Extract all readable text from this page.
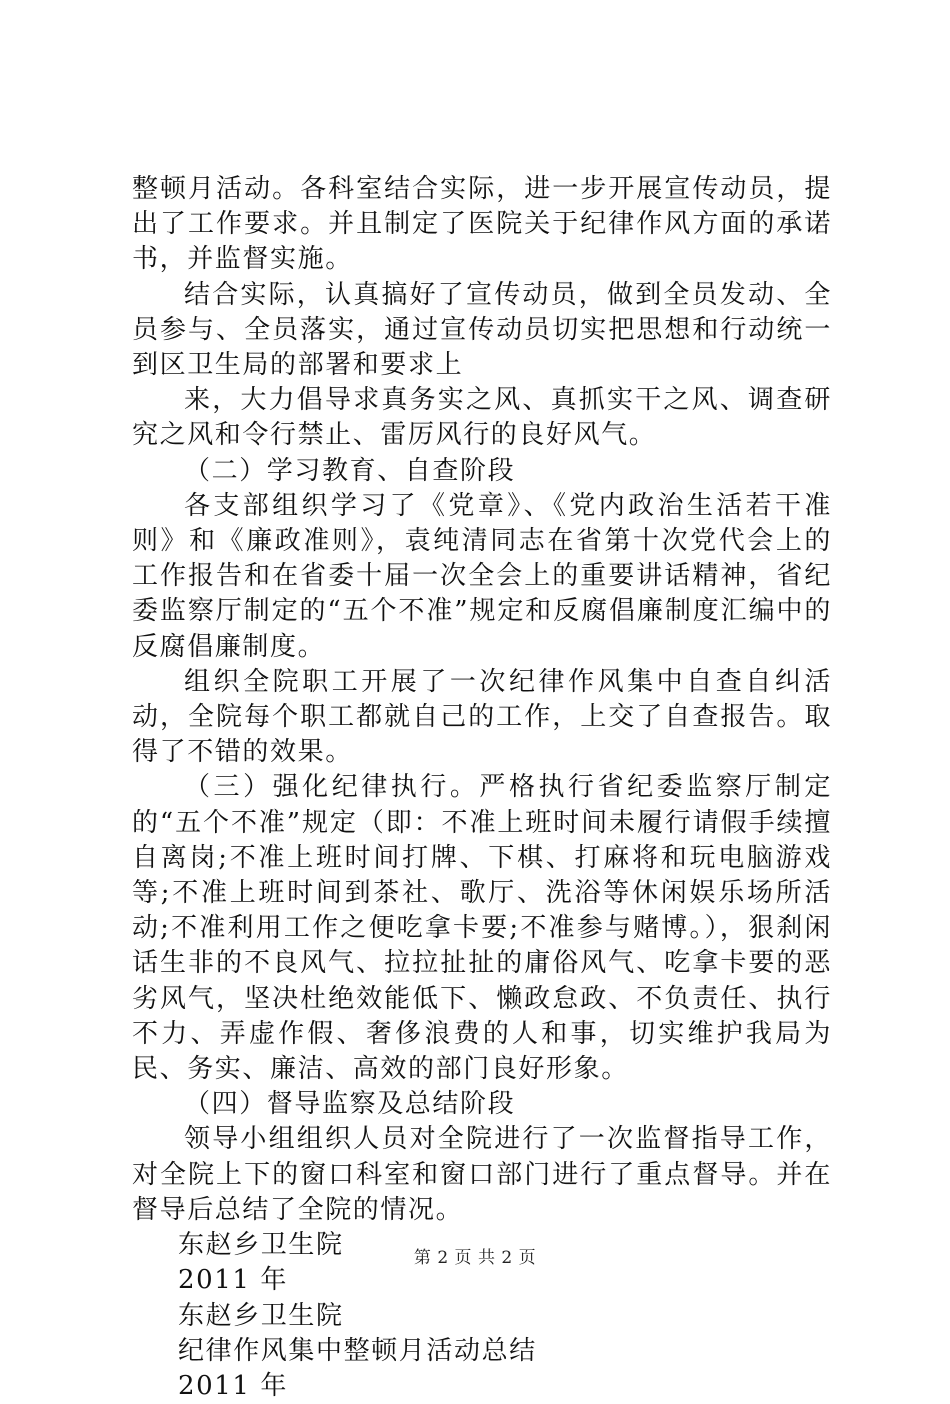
整顿月活动。各科室结合实际，进一步开展宣传动员，提出了工作要求。并且制定了医院关于纪律作风方面的承诺书，并监督实施。

结合实际，认真搞好了宣传动员，做到全员发动、全员参与、全员落实，通过宣传动员切实把思想和行动统一到区卫生局的部署和要求上

来，大力倡导求真务实之风、真抓实干之风、调查研究之风和令行禁止、雷厉风行的良好风气。

（二）学习教育、自查阶段

各支部组织学习了《党章》、《党内政治生活若干准则》和《廉政准则》，袁纯清同志在省第十次党代会上的工作报告和在省委十届一次全会上的重要讲话精神，省纪委监察厅制定的“五个不准”规定和反腐倡廉制度汇编中的反腐倡廉制度。

组织全院职工开展了一次纪律作风集中自查自纠活动，全院每个职工都就自己的工作，上交了自查报告。取得了不错的效果。

（三）强化纪律执行。严格执行省纪委监察厅制定的“五个不准”规定（即：不准上班时间未履行请假手续擅自离岗;不准上班时间打牌、下棋、打麻将和玩电脑游戏等;不准上班时间到茶社、歌厅、洗浴等休闲娱乐场所活动;不准利用工作之便吃拿卡要;不准参与赌博。），狠刹闲话生非的不良风气、拉拉扯扯的庸俗风气、吃拿卡要的恶劣风气，坚决杜绝效能低下、懒政怠政、不负责任、执行不力、弄虚作假、奢侈浪费的人和事，切实维护我局为民、务实、廉洁、高效的部门良好形象。

（四）督导监察及总结阶段

领导小组组织人员对全院进行了一次监督指导工作，对全院上下的窗口科室和窗口部门进行了重点督导。并在督导后总结了全院的情况。

东赵乡卫生院

2011 年

东赵乡卫生院

纪律作风集中整顿月活动总结

2011 年

第 2 页 共 2 页
